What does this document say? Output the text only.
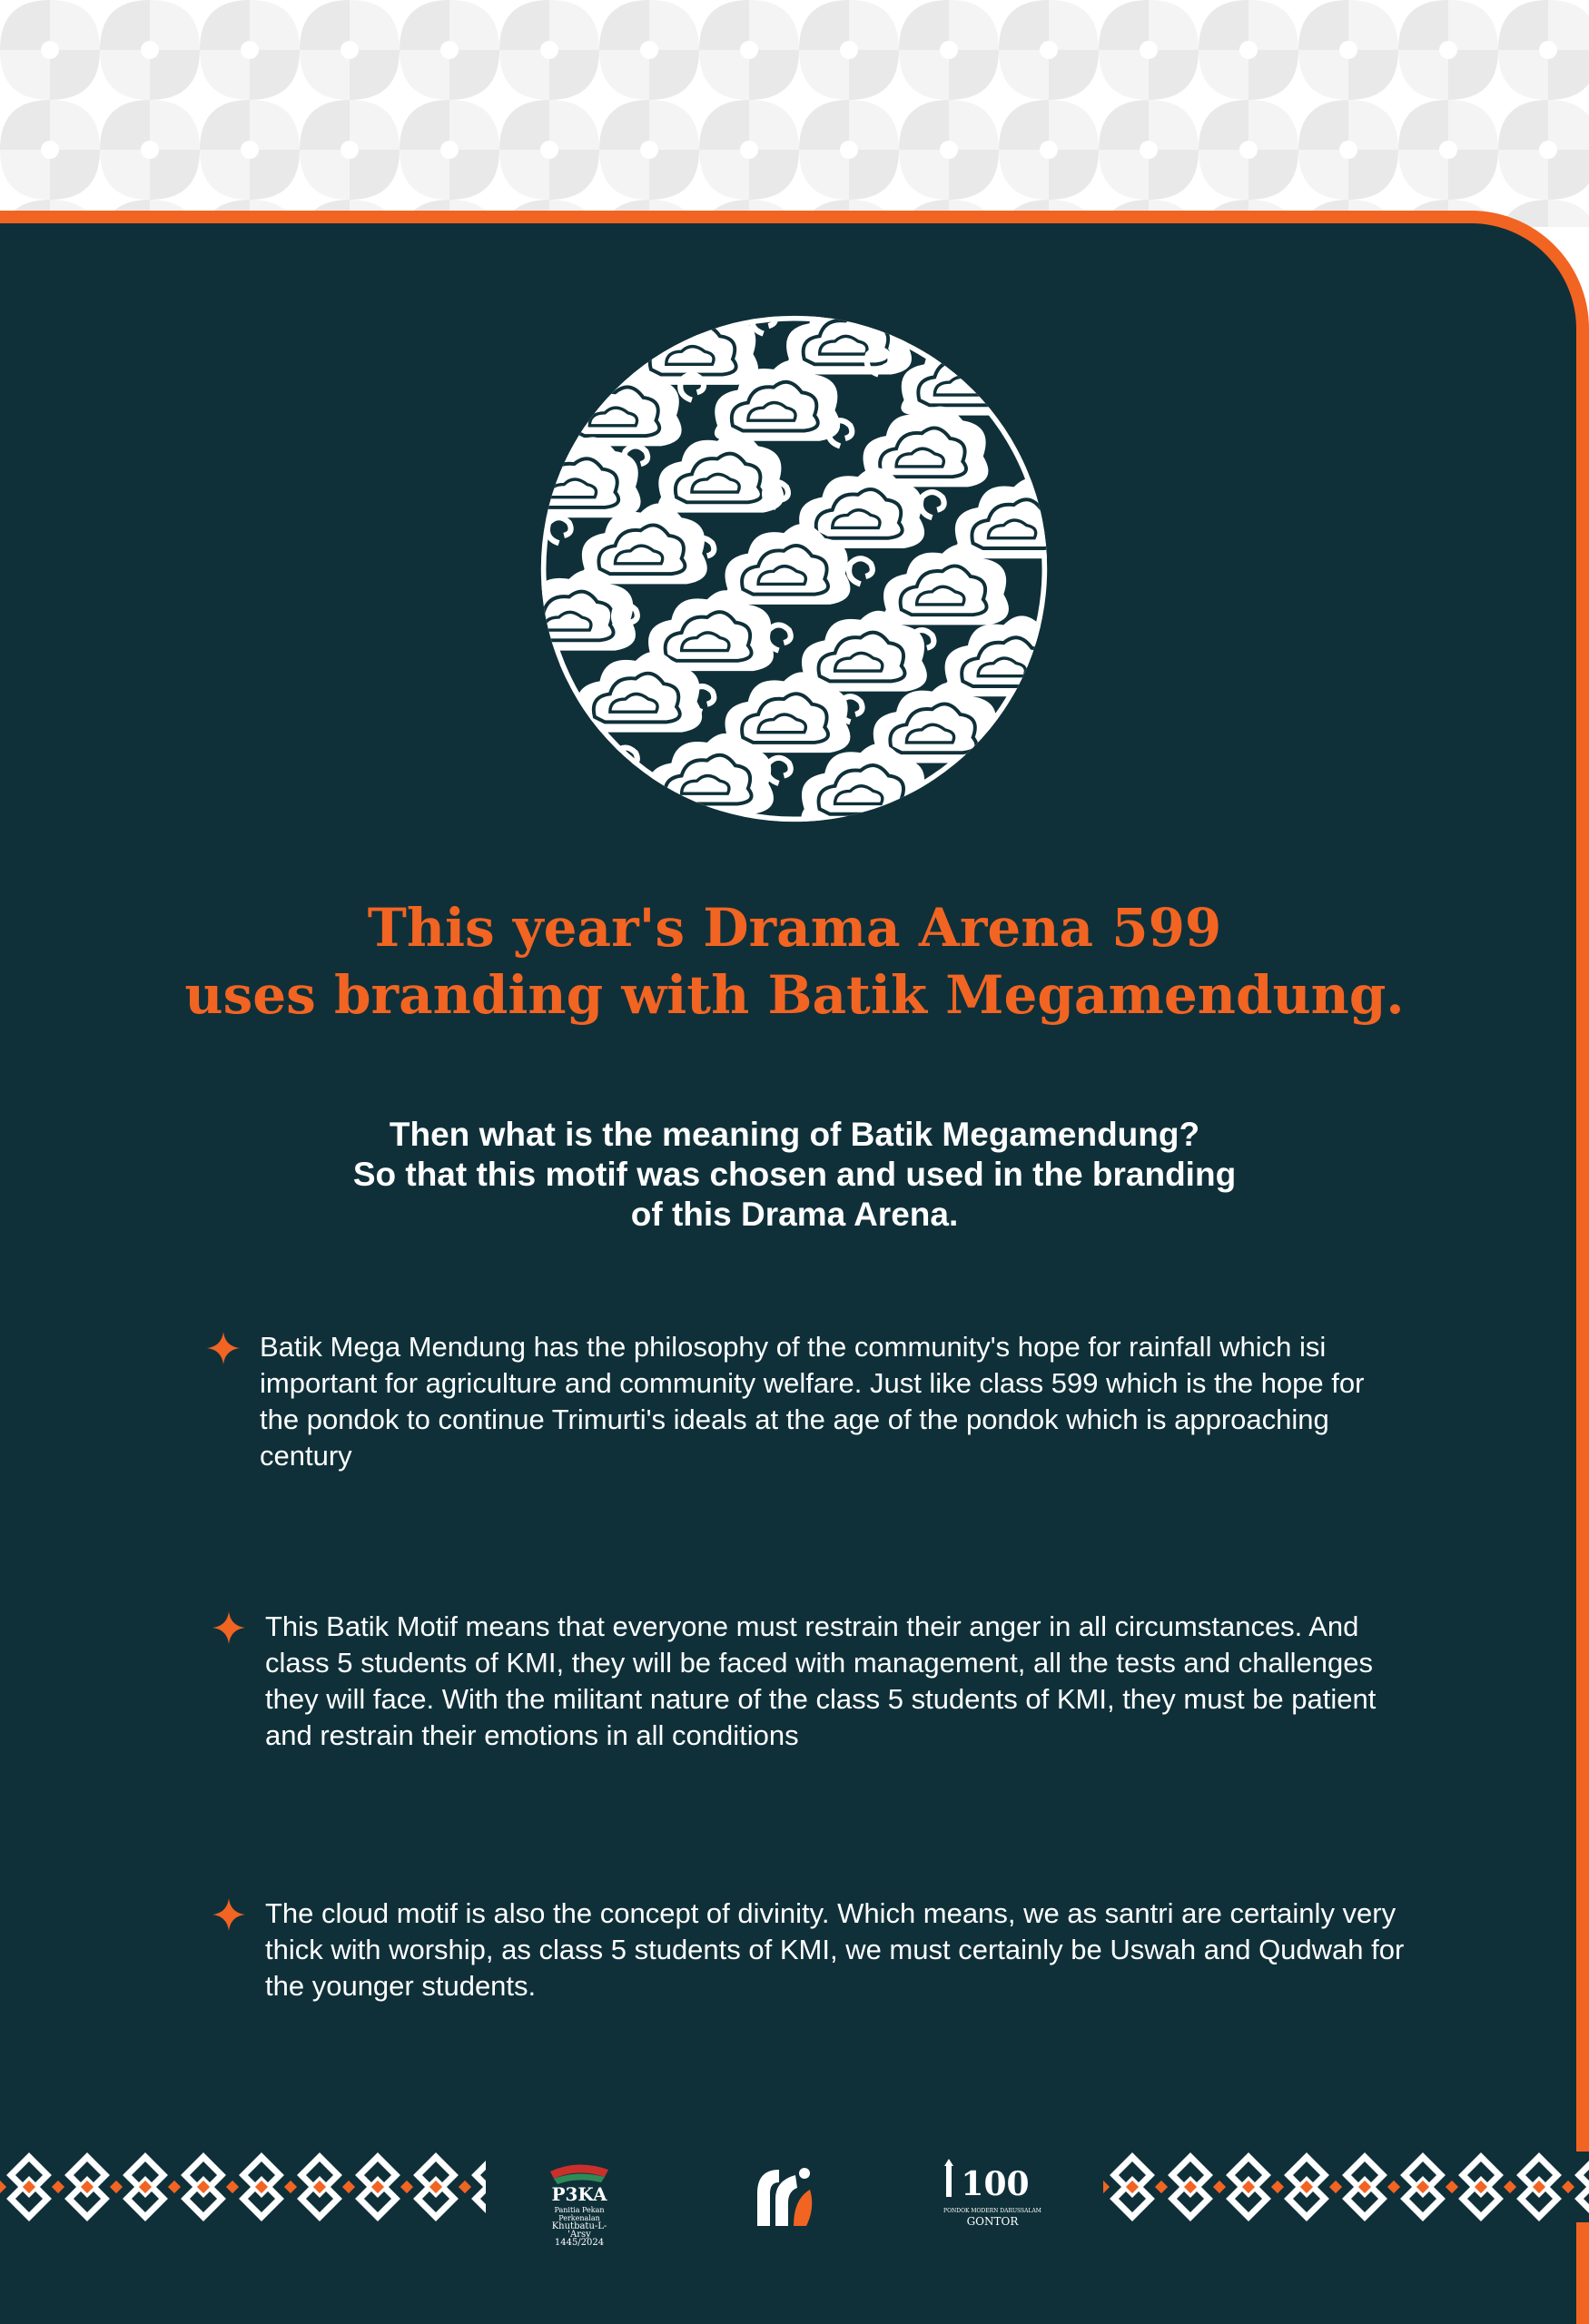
This year's Drama Arena 599
uses branding with Batik Megamendung.
Then what is the meaning of Batik Megamendung?
So that this motif was chosen and used in the branding
of this Drama Arena.
Batik Mega Mendung has the philosophy of the community's hope for rainfall which isi important for agriculture and community welfare. Just like class 599 which is the hope for the pondok to continue Trimurti's ideals at the age of the pondok which is approaching century
This Batik Motif means that everyone must restrain their anger in all circumstances. And class 5 students of KMI, they will be faced with management, all the tests and challenges they will face. With the militant nature of the class 5 students of KMI, they must be patient and restrain their emotions in all conditions
The cloud motif is also the concept of divinity. Which means, we as santri are certainly very thick with worship, as class 5 students of KMI, we must certainly be Uswah and Qudwah for the younger students.
P3KA
Panitia Pekan Perkenalan
Khutbatu-L-'Arsy
1445/2024
100
PONDOK MODERN DARUSSALAM
GONTOR
